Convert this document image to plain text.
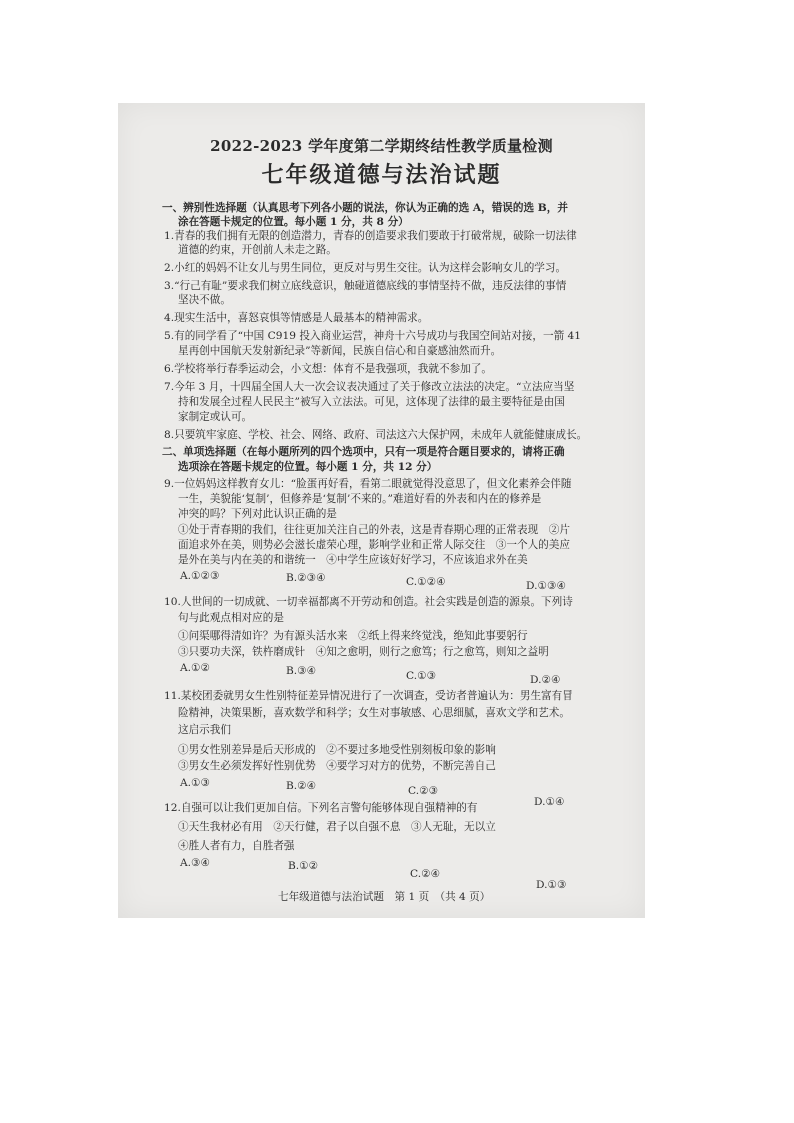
2022-2023 学年度第二学期终结性教学质量检测
七年级道德与法治试题
一、辨别性选择题（认真思考下列各小题的说法，你认为正确的选 A，错误的选 B，并
涂在答题卡规定的位置。每小题 1 分，共 8 分）
1.青春的我们拥有无限的创造潜力，青春的创造要求我们要敢于打破常规，破除一切法律
道德的约束，开创前人未走之路。
2.小红的妈妈不让女儿与男生同位，更反对与男生交往。认为这样会影响女儿的学习。
3.“行己有耻”要求我们树立底线意识，触碰道德底线的事情坚持不做，违反法律的事情
坚决不做。
4.现实生活中，喜怒哀惧等情感是人最基本的精神需求。
5.有的同学看了“中国 C919 投入商业运营，神舟十六号成功与我国空间站对接，一箭 41
星再创中国航天发射新纪录”等新闻，民族自信心和自豪感油然而升。
6.学校将举行春季运动会，小文想：体育不是我强项，我就不参加了。
7.今年 3 月，十四届全国人大一次会议表决通过了关于修改立法法的决定。“立法应当坚
持和发展全过程人民民主”被写入立法法。可见，这体现了法律的最主要特征是由国
家制定或认可。
8.只要筑牢家庭、学校、社会、网络、政府、司法这六大保护网，未成年人就能健康成长。
二、单项选择题（在每小题所列的四个选项中，只有一项是符合题目要求的，请将正确
选项涂在答题卡规定的位置。每小题 1 分，共 12 分）
9.一位妈妈这样教育女儿：“脸蛋再好看，看第二眼就觉得没意思了，但文化素养会伴随
一生，美貌能‘复制’，但修养是‘复制’不来的。”难道好看的外表和内在的修养是
冲突的吗？下列对此认识正确的是
①处于青春期的我们，往往更加关注自己的外表，这是青春期心理的正常表现　②片
面追求外在美，则势必会滋长虚荣心理，影响学业和正常人际交往　③一个人的美应
是外在美与内在美的和谐统一　④中学生应该好好学习，不应该追求外在美
A.①②③	B.②③④	C.①②④	D.①③④
10.人世间的一切成就、一切幸福都离不开劳动和创造。社会实践是创造的源泉。下列诗
句与此观点相对应的是
①问渠哪得清如许？为有源头活水来　②纸上得来终觉浅，绝知此事要躬行
③只要功夫深，铁杵磨成针　④知之愈明，则行之愈笃；行之愈笃，则知之益明
A.①②	B.③④	C.①③	D.②④
11.某校团委就男女生性别特征差异情况进行了一次调查，受访者普遍认为：男生富有冒
险精神，决策果断，喜欢数学和科学；女生对事敏感、心思细腻，喜欢文学和艺术。
这启示我们
①男女性别差异是后天形成的　②不要过多地受性别刻板印象的影响
③男女生必须发挥好性别优势　④要学习对方的优势，不断完善自己
A.①③	B.②④	C.②③
D.①④
12.自强可以让我们更加自信。下列名言警句能够体现自强精神的有
①天生我材必有用　②天行健，君子以自强不息　③人无耻，无以立
④胜人者有力，自胜者强
A.③④	B.①②
C.②④
D.①③
七年级道德与法治试题　第 1 页　（共 4 页）
